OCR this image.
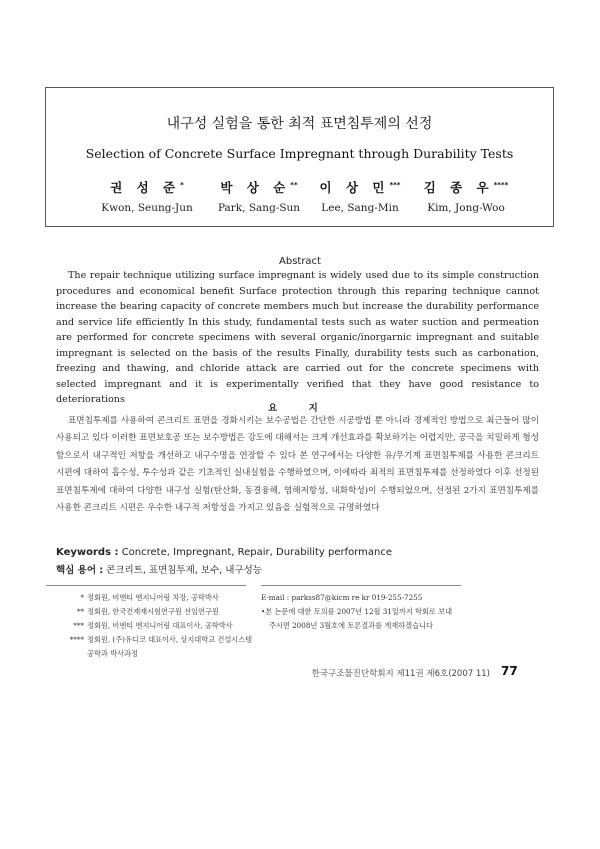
내구성 실험을 통한 최적 표면침투제의 선정
Selection of Concrete Surface Impregnant through Durability Tests
권 성 준*
Kwon, Seung-Jun
박 상 순**
Park, Sang-Sun
이 상 민***
Lee, Sang-Min
김 종 우****
Kim, Jong-Woo
Abstract

The repair technique utilizing surface impregnant is widely used due to its simple construction procedures and economical benefit Surface protection through this reparing technique cannot increase the bearing capacity of concrete members much but increase the durability performance and service life efficiently In this study, fundamental tests such as water suction and permeation are performed for concrete specimens with several organic/inorgarnic impregnant and suitable impregnant is selected on the basis of the results Finally, durability tests such as carbonation, freezing and thawing, and chloride attack are carried out for the concrete specimens with selected impregnant and it is experimentally verified that they have good resistance to deteriorations

요 지

표면침투제를 사용하여 콘크리트 표면을 경화시키는 보수공법은 간단한 시공방법 뿐 아니라 경제적인 방법으로 최근들어 많이 사용되고 있다 이러한 표면보호공 또는 보수방법은 강도에 대해서는 크게 개선효과를 확보하기는 어렵지만, 공극을 치밀하게 형성함으로서 내구적인 저항을 개선하고 내구수명을 연장할 수 있다 본 연구에서는 다양한 유/무기계 표면침투제를 사용한 콘크리트 시편에 대하여 흡수성, 투수성과 같은 기초적인 실내실험을 수행하였으며, 이에따라 최적의 표면침투제를 선정하였다 이후 선정된 표면침투제에 대하여 다양한 내구성 실험(탄산화, 동결융해, 염해저항성, 내화학성)이 수행되었으며, 선정된 2가지 표면침투제를 사용한 콘크리트 시편은 우수한 내구적 저항성을 가지고 있음을 실험적으로 규명하였다

Keywords : Concrete, Impregnant, Repair, Durability performance
핵심 용어 : 콘크리트, 표면침투제, 보수, 내구성능
* 정회원, 비엔티 엔지니어링 차장, 공학박사
** 정회원, 한국건재재시험연구원 선임연구원
*** 정회원, 비엔티 엔지니어링 대표이사, 공학박사
**** 정회원, (주)유디코 대표이사, 상지대학교 건설시스템
공학과 박사과정
E-mail : parkss87@kicm re kr 019-255-7255
•본 논문에 대한 토의를 2007년 12월 31일까지 학회로 보내
주시면 2008년 3월호에 토론결과를 게재하겠습니다
한국구조물진단학회지 제11권 제6호(2007 11) 77
